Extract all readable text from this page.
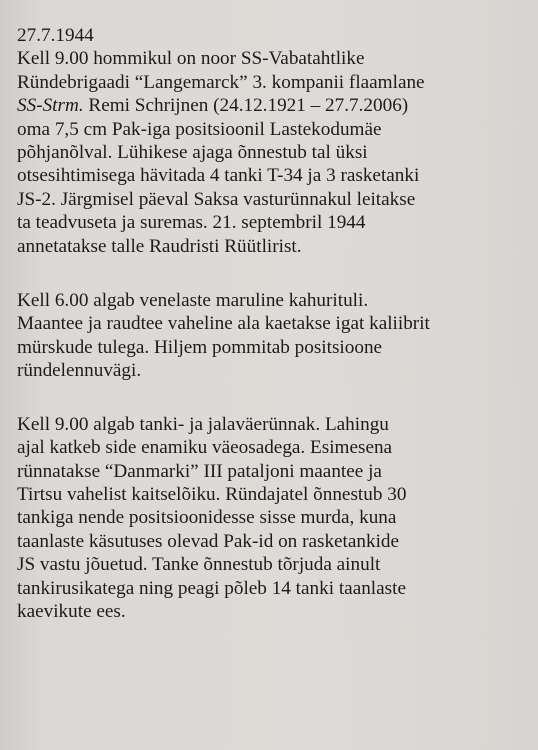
27.7.1944
Kell 9.00 hommikul on noor SS-Vabatahtlike
Ründebrigaadi “Langemarck” 3. kompanii flaamlane
SS-Strm. Remi Schrijnen (24.12.1921 – 27.7.2006)
oma 7,5 cm Pak-iga positsioonil Lastekodumäe
põhjanõlval. Lühikese ajaga õnnestub tal üksi
otsesihtimisega hävitada 4 tanki T-34 ja 3 rasketanki
JS-2. Järgmisel päeval Saksa vasturünnakul leitakse
ta teadvuseta ja suremas. 21. septembril 1944
annetatakse talle Raudristi Rüütlirist.
Kell 6.00 algab venelaste maruline kahurituli.
Maantee ja raudtee vaheline ala kaetakse igat kaliibrit
mürskude tulega. Hiljem pommitab positsioone
ründelennuvägi.
Kell 9.00 algab tanki- ja jalaväerünnak. Lahingu
ajal katkeb side enamiku väeosadega. Esimesena
rünnatakse “Danmarki” III pataljoni maantee ja
Tirtsu vahelist kaitselõiku. Ründajatel õnnestub 30
tankiga nende positsioonidesse sisse murda, kuna
taanlaste käsutuses olevad Pak-id on rasketankide
JS vastu jõuetud. Tanke õnnestub tõrjuda ainult
tankirusikatega ning peagi põleb 14 tanki taanlaste
kaevikute ees.
